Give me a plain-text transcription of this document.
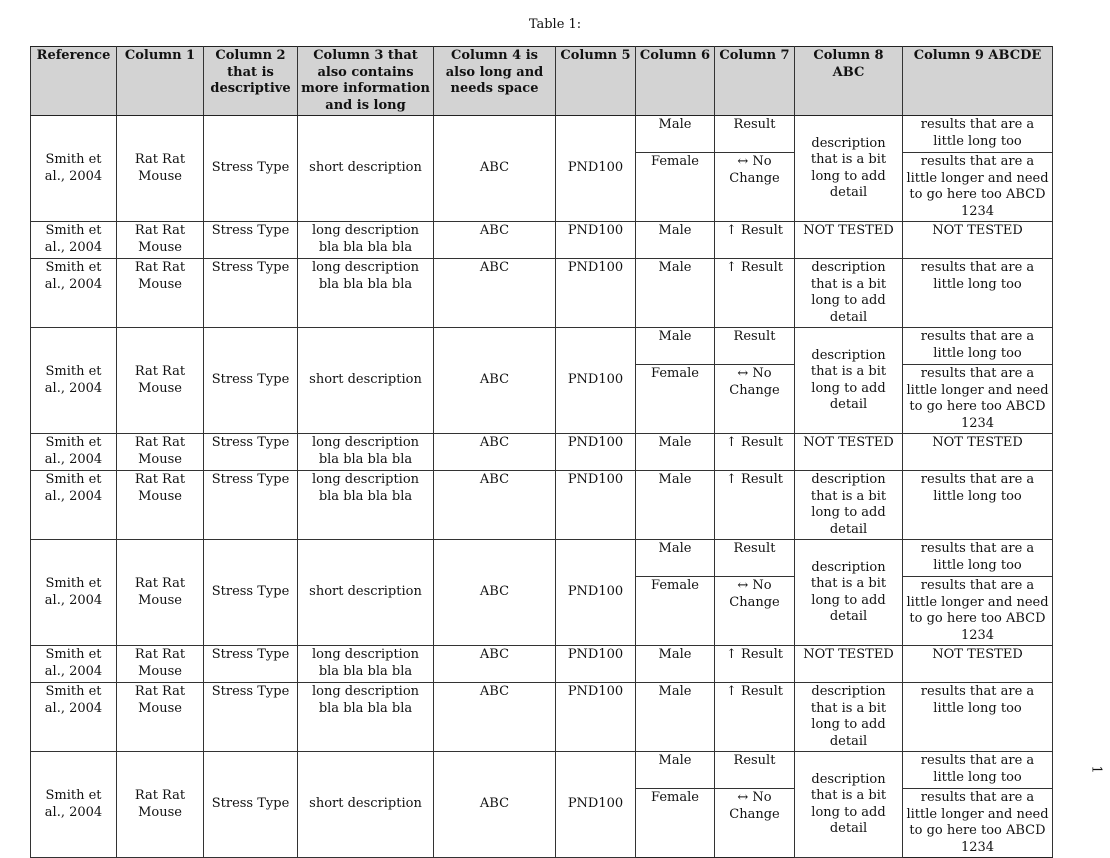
Table 1:
Reference	Column 1	Column 2 that is descriptive	Column 3 that also contains more information and is long	Column 4 is also long and needs space	Column 5	Column 6	Column 7	Column 8 ABC	Column 9 ABCDE
Smith et al., 2004	Rat Rat Mouse	Stress Type	short description	ABC	PND100	Male	Result	description that is a bit long to add detail	results that are a little long too
						Female	↔ No Change		results that are a little longer and need to go here too ABCD 1234
Smith et al., 2004	Rat Rat Mouse	Stress Type	long description bla bla bla bla	ABC	PND100	Male	↑ Result	NOT TESTED	NOT TESTED
Smith et al., 2004	Rat Rat Mouse	Stress Type	long description bla bla bla bla	ABC	PND100	Male	↑ Result	description that is a bit long to add detail	results that are a little long too
Smith et al., 2004	Rat Rat Mouse	Stress Type	short description	ABC	PND100	Male	Result	description that is a bit long to add detail	results that are a little long too
						Female	↔ No Change		results that are a little longer and need to go here too ABCD 1234
Smith et al., 2004	Rat Rat Mouse	Stress Type	long description bla bla bla bla	ABC	PND100	Male	↑ Result	NOT TESTED	NOT TESTED
Smith et al., 2004	Rat Rat Mouse	Stress Type	long description bla bla bla bla	ABC	PND100	Male	↑ Result	description that is a bit long to add detail	results that are a little long too
Smith et al., 2004	Rat Rat Mouse	Stress Type	short description	ABC	PND100	Male	Result	description that is a bit long to add detail	results that are a little long too
						Female	↔ No Change		results that are a little longer and need to go here too ABCD 1234
Smith et al., 2004	Rat Rat Mouse	Stress Type	long description bla bla bla bla	ABC	PND100	Male	↑ Result	NOT TESTED	NOT TESTED
Smith et al., 2004	Rat Rat Mouse	Stress Type	long description bla bla bla bla	ABC	PND100	Male	↑ Result	description that is a bit long to add detail	results that are a little long too
Smith et al., 2004	Rat Rat Mouse	Stress Type	short description	ABC	PND100	Male	Result	description that is a bit long to add detail	results that are a little long too
						Female	↔ No Change		results that are a little longer and need to go here too ABCD 1234
1
